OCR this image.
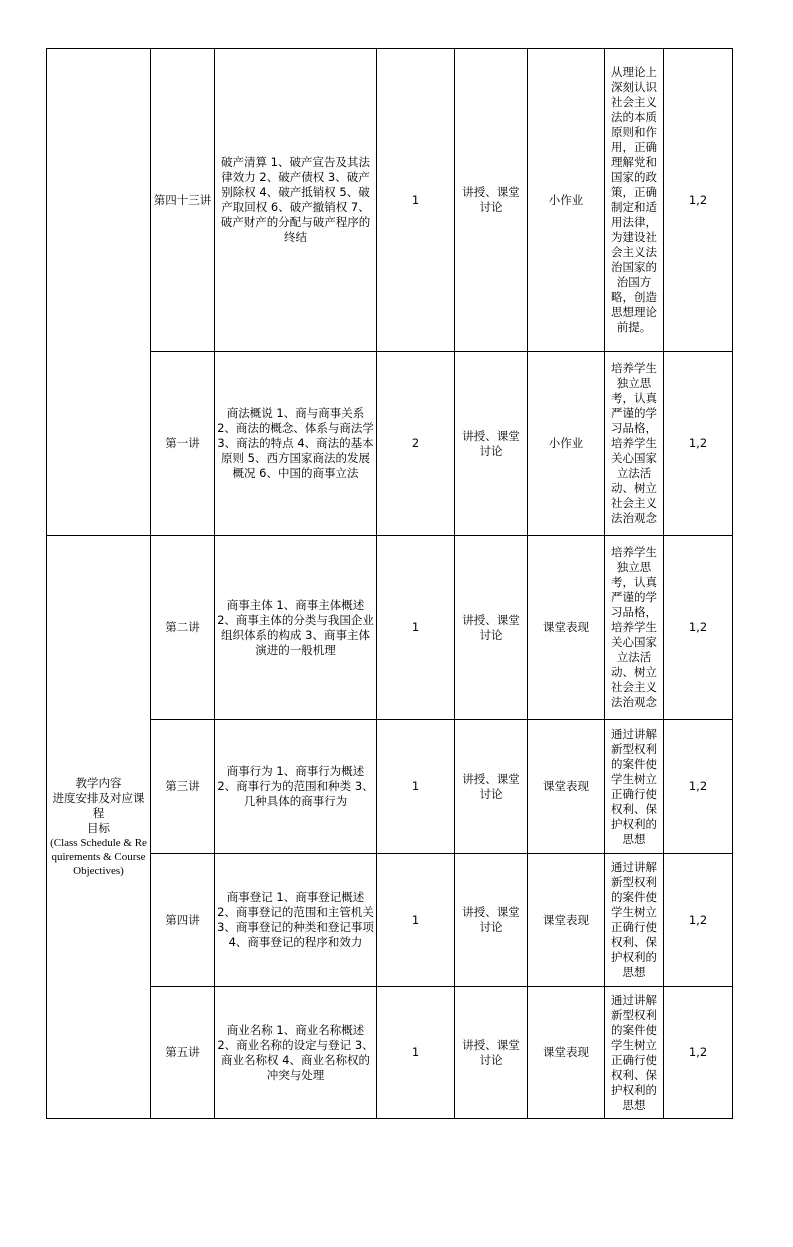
	第四十三讲	破产清算 1、破产宣告及其法律效力 2、破产债权 3、破产别除权 4、破产抵销权 5、破产取回权 6、破产撤销权 7、破产财产的分配与破产程序的终结	1	讲授、课堂讨论	小作业	从理论上深刻认识社会主义法的本质原则和作用，正确理解党和国家的政策，正确制定和适用法律，为建设社会主义法治国家的治国方略，创造思想理论前提。	1,2
	第一讲	商法概说 1、商与商事关系 2、商法的概念、体系与商法学 3、商法的特点 4、商法的基本原则 5、西方国家商法的发展概况 6、中国的商事立法	2	讲授、课堂讨论	小作业	培养学生独立思考，认真严谨的学习品格，培养学生关心国家立法活动、树立社会主义法治观念	1,2

教学内容
进度安排及对应课
程
目标
(Class Schedule & Requirements & Course Objectives)	第二讲	商事主体 1、商事主体概述 2、商事主体的分类与我国企业组织体系的构成 3、商事主体演进的一般机理	1	讲授、课堂讨论	课堂表现	培养学生独立思考，认真严谨的学习品格，培养学生关心国家立法活动、树立社会主义法治观念	1,2
	第三讲	商事行为 1、商事行为概述 2、商事行为的范围和种类 3、几种具体的商事行为	1	讲授、课堂讨论	课堂表现	通过讲解新型权利的案件使学生树立正确行使权利、保护权利的思想	1,2
	第四讲	商事登记 1、商事登记概述 2、商事登记的范围和主管机关 3、商事登记的种类和登记事项 4、商事登记的程序和效力	1	讲授、课堂讨论	课堂表现	通过讲解新型权利的案件使学生树立正确行使权利、保护权利的思想	1,2
	第五讲	商业名称 1、商业名称概述 2、商业名称的设定与登记 3、商业名称权 4、商业名称权的冲突与处理	1	讲授、课堂讨论	课堂表现	通过讲解新型权利的案件使学生树立正确行使权利、保护权利的思想	1,2
